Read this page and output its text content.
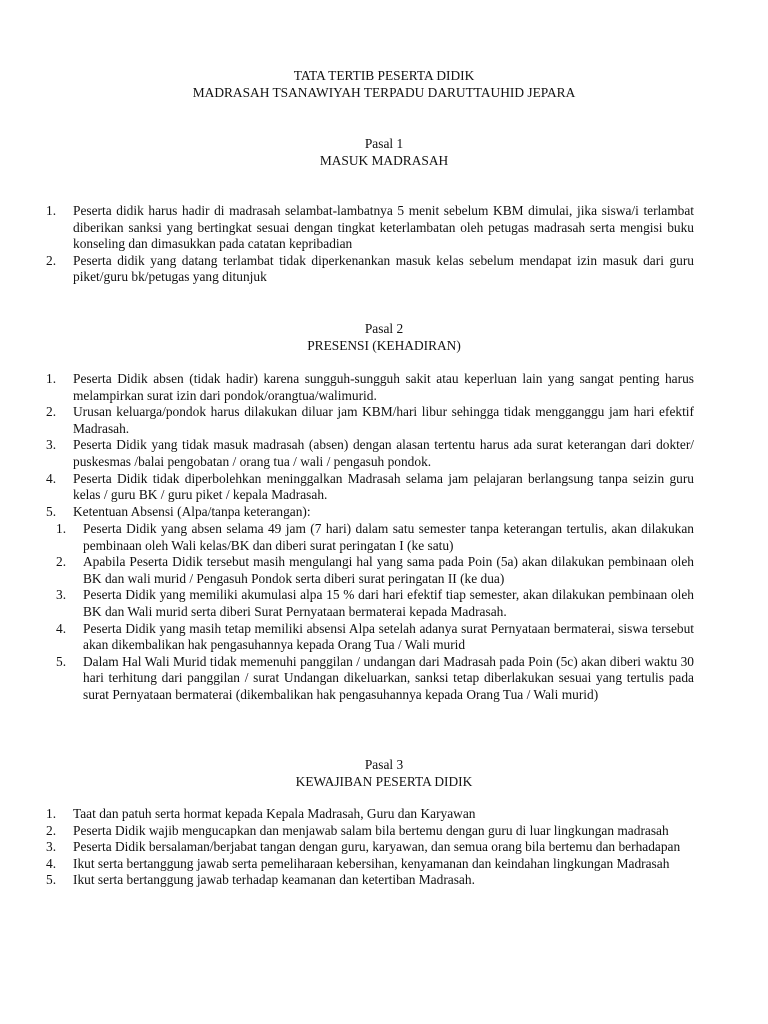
TATA TERTIB PESERTA DIDIK
MADRASAH TSANAWIYAH TERPADU DARUTTAUHID JEPARA
Pasal 1
MASUK MADRASAH
1. Peserta didik harus hadir di madrasah selambat-lambatnya 5 menit sebelum KBM dimulai, jika siswa/i terlambat diberikan sanksi yang bertingkat sesuai dengan tingkat keterlambatan oleh petugas madrasah serta mengisi buku konseling dan dimasukkan pada catatan kepribadian
2. Peserta didik yang datang terlambat tidak diperkenankan masuk kelas sebelum mendapat izin masuk dari guru piket/guru bk/petugas yang ditunjuk
Pasal 2
PRESENSI (KEHADIRAN)
1. Peserta Didik absen (tidak hadir) karena sungguh-sungguh sakit atau keperluan lain yang sangat penting harus melampirkan surat izin dari pondok/orangtua/walimurid.
2. Urusan keluarga/pondok harus dilakukan diluar jam KBM/hari libur sehingga tidak mengganggu jam hari efektif Madrasah.
3. Peserta Didik yang tidak masuk madrasah (absen) dengan alasan tertentu harus ada surat keterangan dari dokter/ puskesmas /balai pengobatan / orang tua / wali / pengasuh pondok.
4. Peserta Didik tidak diperbolehkan meninggalkan Madrasah selama jam pelajaran berlangsung tanpa seizin guru kelas / guru BK / guru piket / kepala Madrasah.
5. Ketentuan Absensi (Alpa/tanpa keterangan):
1. Peserta Didik yang absen selama 49 jam (7 hari) dalam satu semester tanpa keterangan tertulis, akan dilakukan pembinaan oleh Wali kelas/BK dan diberi surat peringatan I (ke satu)
2. Apabila Peserta Didik tersebut masih mengulangi hal yang sama pada Poin (5a) akan dilakukan pembinaan oleh BK dan wali murid / Pengasuh Pondok serta diberi surat peringatan II (ke dua)
3. Peserta Didik yang memiliki akumulasi alpa 15 % dari hari efektif tiap semester, akan dilakukan pembinaan oleh BK dan Wali murid serta diberi Surat Pernyataan bermaterai kepada Madrasah.
4. Peserta Didik yang masih tetap memiliki absensi Alpa setelah adanya surat Pernyataan bermaterai, siswa tersebut akan dikembalikan hak pengasuhannya kepada Orang Tua / Wali murid
5. Dalam Hal Wali Murid tidak memenuhi panggilan / undangan dari Madrasah pada Poin (5c) akan diberi waktu 30 hari terhitung dari panggilan / surat Undangan dikeluarkan, sanksi tetap diberlakukan sesuai yang tertulis pada surat Pernyataan bermaterai (dikembalikan hak pengasuhannya kepada Orang Tua / Wali murid)
Pasal 3
KEWAJIBAN PESERTA DIDIK
1. Taat dan patuh serta hormat kepada Kepala Madrasah, Guru dan Karyawan
2. Peserta Didik wajib mengucapkan dan menjawab salam bila bertemu dengan guru di luar lingkungan madrasah
3. Peserta Didik bersalaman/berjabat tangan dengan guru, karyawan, dan semua orang bila bertemu dan berhadapan
4. Ikut serta bertanggung jawab serta pemeliharaan kebersihan, kenyamanan dan keindahan lingkungan Madrasah
5. Ikut serta bertanggung jawab terhadap keamanan dan ketertiban Madrasah.
